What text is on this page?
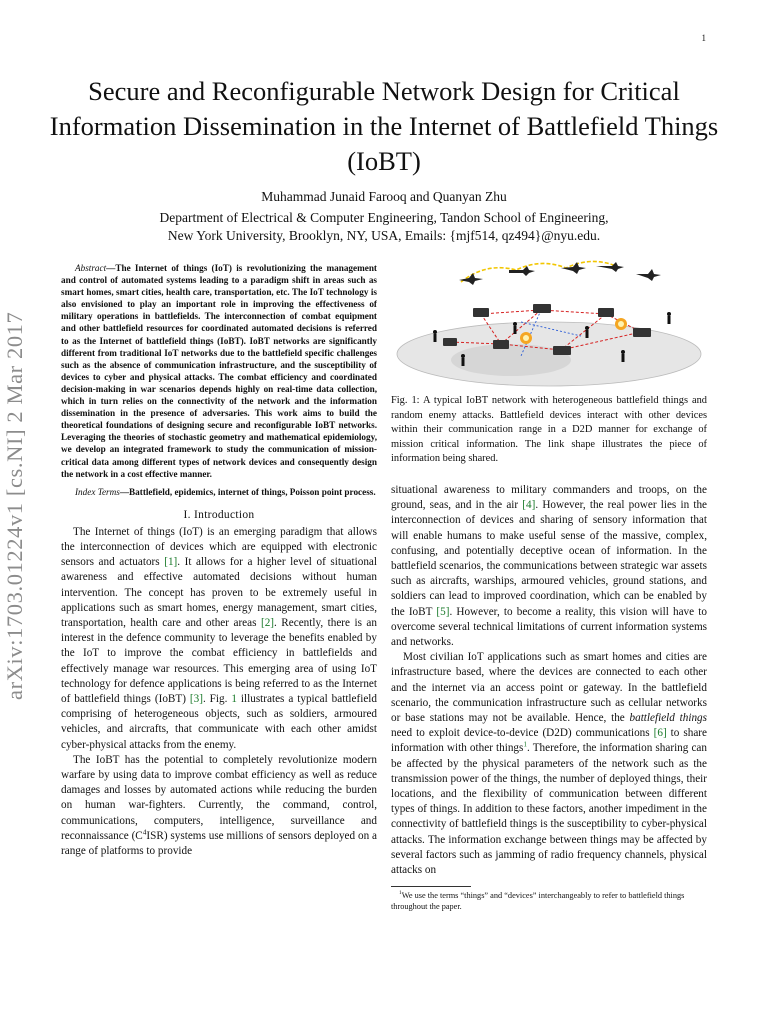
1
Secure and Reconfigurable Network Design for Critical Information Dissemination in the Internet of Battlefield Things (IoBT)
Muhammad Junaid Farooq and Quanyan Zhu
Department of Electrical & Computer Engineering, Tandon School of Engineering,
New York University, Brooklyn, NY, USA, Emails: {mjf514, qz494}@nyu.edu.
arXiv:1703.01224v1 [cs.NI] 2 Mar 2017

Abstract—The Internet of things (IoT) is revolutionizing the management and control of automated systems leading to a paradigm shift in areas such as smart homes, smart cities, health care, transportation, etc. The IoT technology is also envisioned to play an important role in improving the effectiveness of military operations in battlefields. The interconnection of combat equipment and other battlefield resources for coordinated automated decisions is referred to as the Internet of battlefield things (IoBT). IoBT networks are significantly different from traditional IoT networks due to the battlefield specific challenges such as the absence of communication infrastructure, and the susceptibility of devices to cyber and physical attacks. The combat efficiency and coordinated decision-making in war scenarios depends highly on real-time data collection, which in turn relies on the connectivity of the network and the information dissemination in the presence of adversaries. This work aims to build the theoretical foundations of designing secure and reconfigurable IoBT networks. Leveraging the theories of stochastic geometry and mathematical epidemiology, we develop an integrated framework to study the communication of mission-critical data among different types of network devices and consequently design the network in a cost effective manner.

Index Terms—Battlefield, epidemics, internet of things, Poisson point process.

I. Introduction

The Internet of things (IoT) is an emerging paradigm that allows the interconnection of devices which are equipped with electronic sensors and actuators [1]. It allows for a higher level of situational awareness and effective automated decisions without human intervention. The concept has proven to be extremely useful in applications such as smart homes, energy management, smart cities, transportation, health care and other areas [2]. Recently, there is an interest in the defence community to leverage the benefits enabled by the IoT to improve the combat efficiency in battlefields and effectively manage war resources. This emerging area of using IoT technology for defence applications is being referred to as the Internet of battlefield things (IoBT) [3]. Fig. 1 illustrates a typical battlefield comprising of heterogeneous objects, such as soldiers, armoured vehicles, and aircrafts, that communicate with each other amidst cyber-physical attacks from the enemy.

The IoBT has the potential to completely revolutionize modern warfare by using data to improve combat efficiency as well as reduce damages and losses by automated actions while reducing the burden on human war-fighters. Currently, the command, control, communications, computers, intelligence, surveillance and reconnaissance $(C^4ISR)$ systems use millions of sensors deployed on a range of platforms to provide

Fig. 1: A typical IoBT network with heterogeneous battlefield things and random enemy attacks. Battlefield devices interact with other devices within their communication range in a D2D manner for exchange of mission critical information. The link shape illustrates the piece of information being shared.

situational awareness to military commanders and troops, on the ground, seas, and in the air [4]. However, the real power lies in the interconnection of devices and sharing of sensory information that will enable humans to make useful sense of the massive, complex, confusing, and potentially deceptive ocean of information. In the battlefield scenarios, the communications between strategic war assets such as aircrafts, warships, armoured vehicles, ground stations, and soldiers can lead to improved coordination, which can be enabled by the IoBT [5]. However, to become a reality, this vision will have to overcome several technical limitations of current information systems and networks.

Most civilian IoT applications such as smart homes and cities are infrastructure based, where the devices are connected to each other and the internet via an access point or gateway. In the battlefield scenario, the communication infrastructure such as cellular networks or base stations may not be available. Hence, the battlefield things need to exploit device-to-device (D2D) communications [6] to share information with other things$^1$. Therefore, the information sharing can be affected by the physical parameters of the network such as the transmission power of the things, the number of deployed things, their locations, and the flexibility of communication between different types of things. In addition to these factors, another impediment in the connectivity of battlefield things is the susceptibility to cyber-physical attacks. The information exchange between things may be affected by several factors such as jamming of radio frequency channels, physical attacks on

$^1$We use the terms “things” and “devices” interchangeably to refer to battlefield things throughout the paper.
